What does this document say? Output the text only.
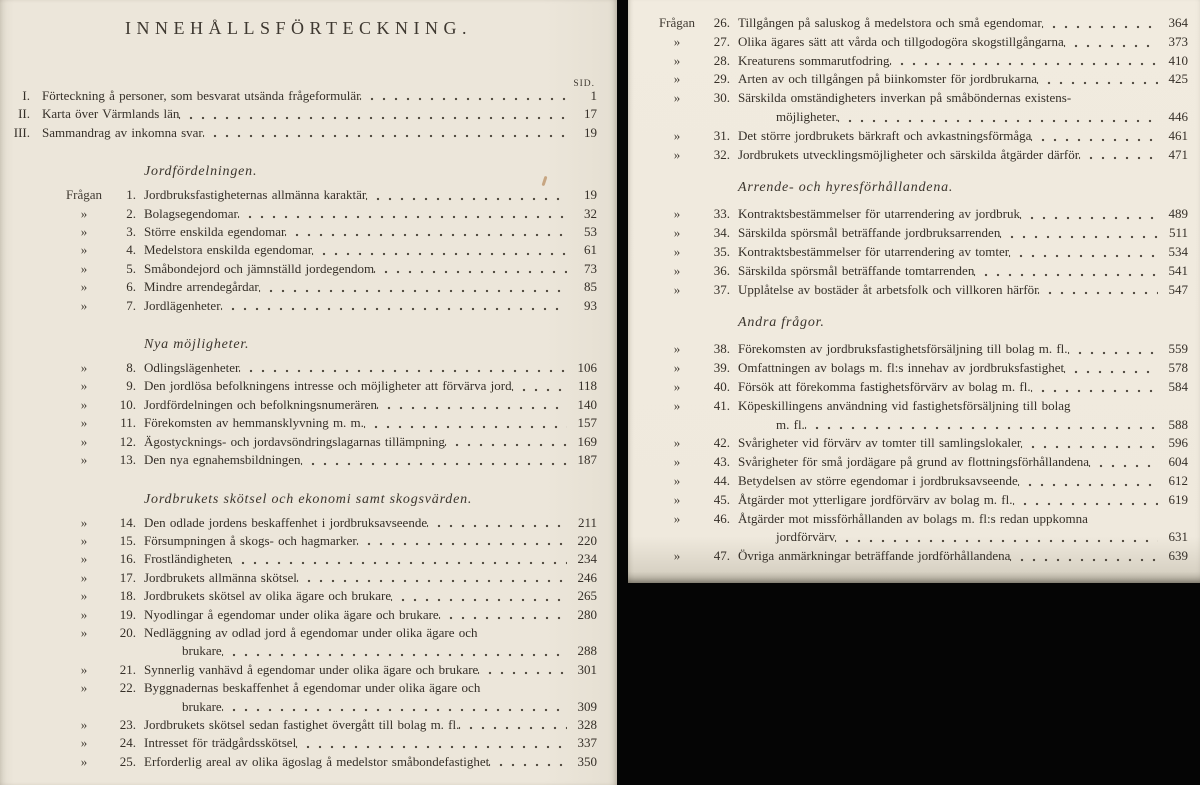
INNEHÅLLSFÖRTECKNING.
SID.
I. Förteckning å personer, som besvarat utsända frågeformulär	1
II. Karta över Värmlands län	17
III. Sammandrag av inkomna svar	19
Jordfördelningen.
Frågan	1. Jordbruksfastigheternas allmänna karaktär	19
»	2. Bolagsegendomar	32
»	3. Större enskilda egendomar	53
»	4. Medelstora enskilda egendomar	61
»	5. Småbondejord och jämnställd jordegendom	73
»	6. Mindre arrendegårdar	85
»	7. Jordlägenheter	93
Nya möjligheter.
»	8. Odlingslägenheter	106
»	9. Den jordlösa befolkningens intresse och möjligheter att förvärva jord	118
»	10. Jordfördelningen och befolkningsnumerären	140
»	11. Förekomsten av hemmansklyvning m. m.	157
»	12. Ägostycknings- och jordavsöndringslagarnas tillämpning	169
»	13. Den nya egnahemsbildningen	187
Jordbrukets skötsel och ekonomi samt skogsvärden.
»	14. Den odlade jordens beskaffenhet i jordbruksavseende	211
»	15. Försumpningen å skogs- och hagmarker	220
»	16. Frostländigheten	234
»	17. Jordbrukets allmänna skötsel	246
»	18. Jordbrukets skötsel av olika ägare och brukare	265
»	19. Nyodlingar å egendomar under olika ägare och brukare	280
»	20. Nedläggning av odlad jord å egendomar under olika ägare och
brukare	288
»	21. Synnerlig vanhävd å egendomar under olika ägare och brukare	301
»	22. Byggnadernas beskaffenhet å egendomar under olika ägare och
brukare	309
»	23. Jordbrukets skötsel sedan fastighet övergått till bolag m. fl.	328
»	24. Intresset för trädgårdsskötsel	337
»	25. Erforderlig areal av olika ägoslag å medelstor småbondefastighet	350
Frågan	26. Tillgången på saluskog å medelstora och små egendomar	364
»	27. Olika ägares sätt att vårda och tillgodogöra skogstillgångarna	373
»	28. Kreaturens sommarutfodring	410
»	29. Arten av och tillgången på biinkomster för jordbrukarna	425
»	30. Särskilda omständigheters inverkan på småböndernas existens-
möjligheter.	446
»	31. Det större jordbrukets bärkraft och avkastningsförmåga	461
»	32. Jordbrukets utvecklingsmöjligheter och särskilda åtgärder därför	471
Arrende- och hyresförhållandena.
»	33. Kontraktsbestämmelser för utarrendering av jordbruk	489
»	34. Särskilda spörsmål beträffande jordbruksarrenden	511
»	35. Kontraktsbestämmelser för utarrendering av tomter	534
»	36. Särskilda spörsmål beträffande tomtarrenden	541
»	37. Upplåtelse av bostäder åt arbetsfolk och villkoren härför	547
Andra frågor.
»	38. Förekomsten av jordbruksfastighetsförsäljning till bolag m. fl.	559
»	39. Omfattningen av bolags m. fl:s innehav av jordbruksfastighet	578
»	40. Försök att förekomma fastighetsförvärv av bolag m. fl.	584
»	41. Köpeskillingens användning vid fastighetsförsäljning till bolag
m. fl.	588
»	42. Svårigheter vid förvärv av tomter till samlingslokaler	596
»	43. Svårigheter för små jordägare på grund av flottningsförhållandena	604
»	44. Betydelsen av större egendomar i jordbruksavseende	612
»	45. Åtgärder mot ytterligare jordförvärv av bolag m. fl.	619
»	46. Åtgärder mot missförhållanden av bolags m. fl:s redan uppkomna
jordförvärv	631
»	47. Övriga anmärkningar beträffande jordförhållandena	639
